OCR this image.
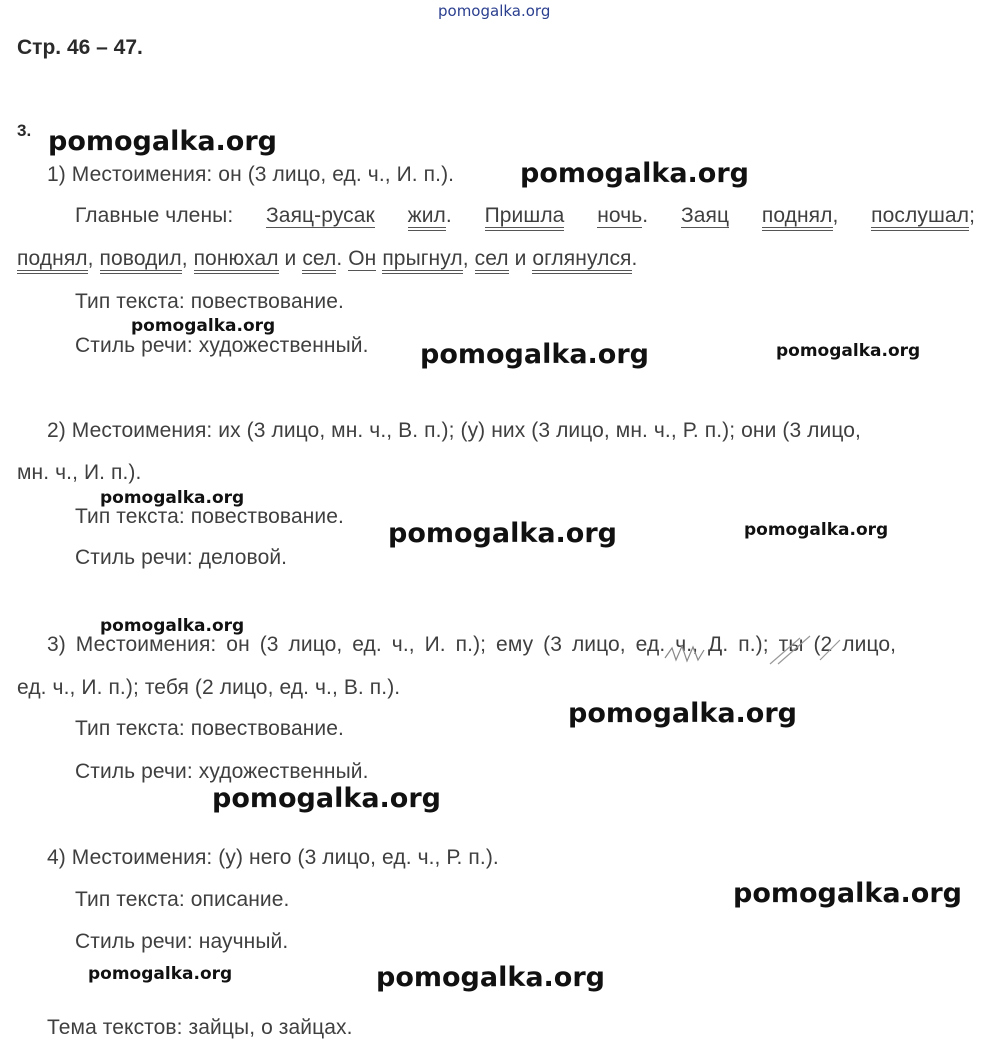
pomogalka.org
Стр. 46 – 47.
3.
1) Местоимения: он (3 лицо, ед. ч., И. п.).
Главные члены: Заяц-русак жил. Пришла ночь. Заяц поднял, послушал;
поднял, поводил, понюхал и сел. Он прыгнул, сел и оглянулся.
Тип текста: повествование.
Стиль речи: художественный.
2) Местоимения: их (3 лицо, мн. ч., В. п.); (у) них (3 лицо, мн. ч., Р. п.); они (3 лицо,
мн. ч., И. п.).
Тип текста: повествование.
Стиль речи: деловой.
3) Местоимения: он (3 лицо, ед. ч., И. п.); ему (3 лицо, ед. ч., Д. п.); ты (2 лицо,
ед. ч., И. п.); тебя (2 лицо, ед. ч., В. п.).
Тип текста: повествование.
Стиль речи: художественный.
4) Местоимения: (у) него (3 лицо, ед. ч., Р. п.).
Тип текста: описание.
Стиль речи: научный.
Тема текстов: зайцы, о зайцах.
pomogalka.org
pomogalka.org
pomogalka.org
pomogalka.org	pomogalka.org
pomogalka.org
pomogalka.org	pomogalka.org
pomogalka.org
pomogalka.org
pomogalka.org
pomogalka.org
pomogalka.org	pomogalka.org
